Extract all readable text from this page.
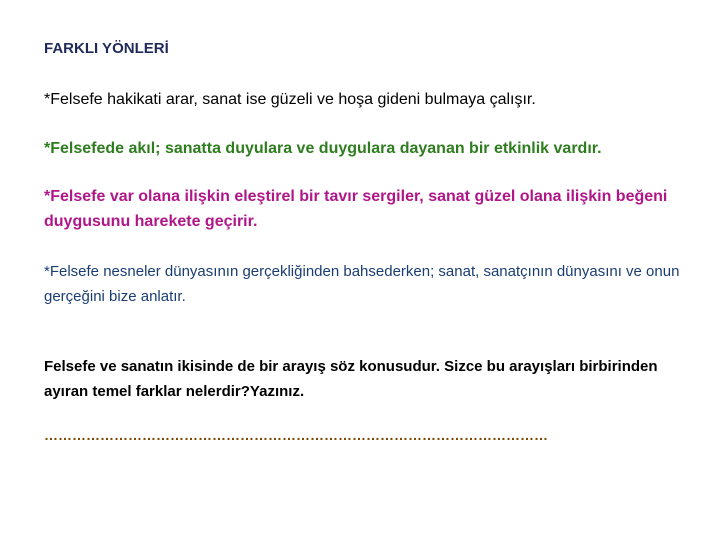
FARKLI YÖNLERİ
*Felsefe hakikati arar, sanat ise güzeli ve hoşa gideni bulmaya çalışır.
*Felsefede akıl; sanatta duyulara ve duygulara dayanan bir etkinlik vardır.
*Felsefe var olana ilişkin eleştirel bir tavır sergiler, sanat güzel olana ilişkin beğeni duygusunu harekete geçirir.
*Felsefe nesneler dünyasının gerçekliğinden bahsederken; sanat, sanatçının dünyasını ve onun gerçeğini bize anlatır.
Felsefe ve sanatın ikisinde de bir arayış söz konusudur. Sizce bu arayışları birbirinden ayıran temel farklar nelerdir?Yazınız.
………………………………………………………………………………………………
